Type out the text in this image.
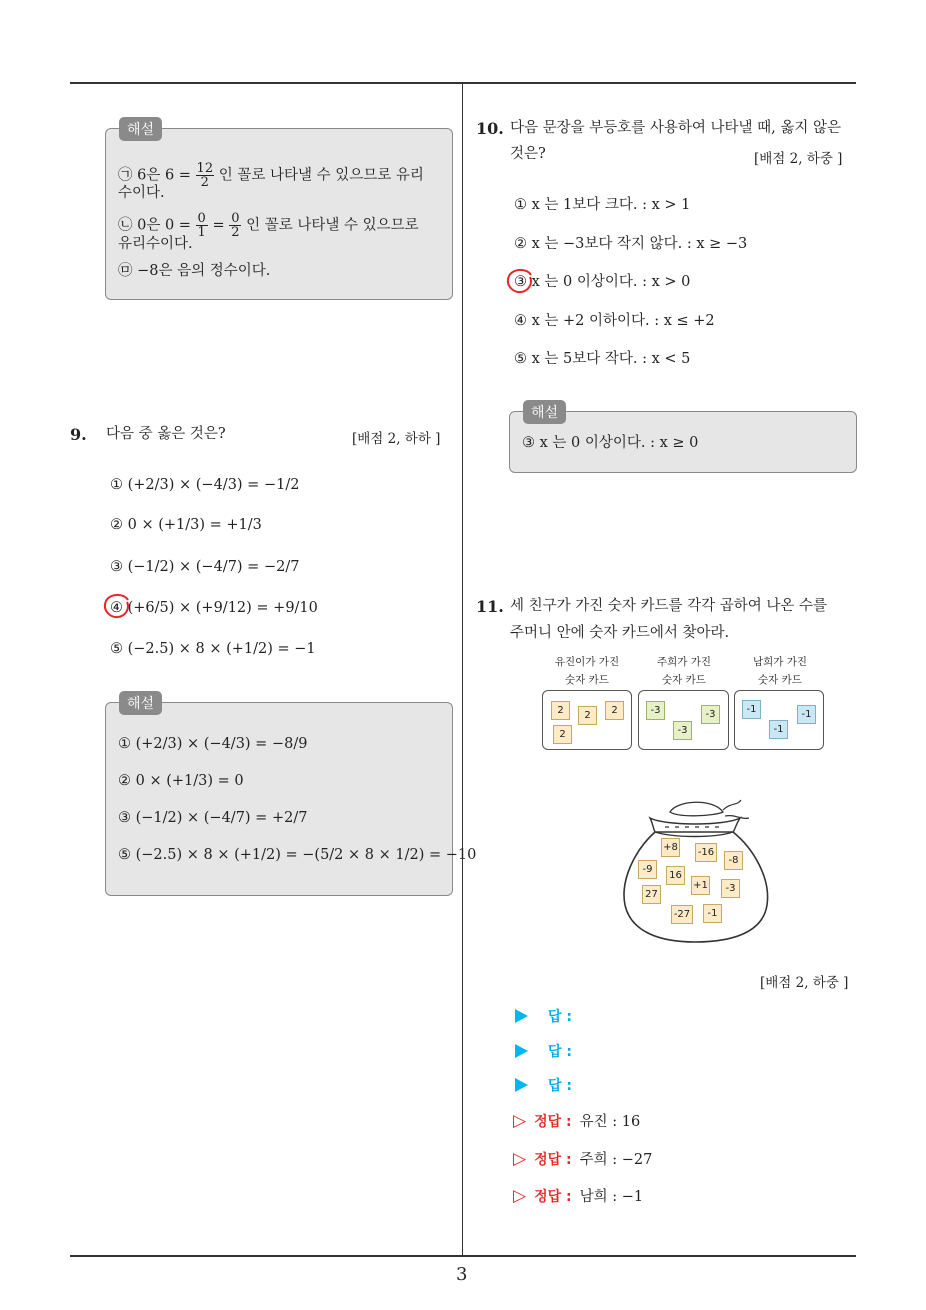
3
해설
㉠ 6은 $6 = \frac{12}{2}$ 인 꼴로 나타낼 수 있으므로 유리
수이다.
㉡ 0은 $0 = \frac{0}{1} = \frac{0}{2}$ 인 꼴로 나타낼 수 있으므로
유리수이다.
㉤ −8은 음의 정수이다.
9. 다음 중 옳은 것은?	[배점 2, 하하 ]
① (+2/3) × (−4/3) = −1/2
② 0 × (+1/3) = +1/3
③ (−1/2) × (−4/7) = −2/7
④ (+6/5) × (+9/12) = +9/10
⑤ (−2.5) × 8 × (+1/2) = −1
해설
① (+2/3) × (−4/3) = −8/9
② 0 × (+1/3) = 0
③ (−1/2) × (−4/7) = +2/7
⑤ (−2.5) × 8 × (+1/2) = −(5/2 × 8 × 1/2) = −10
10. 다음 문장을 부등호를 사용하여 나타낼 때, 옳지 않은
것은?	[배점 2, 하중 ]
① x 는 1보다 크다. : x > 1
② x 는 −3보다 작지 않다. : x ≥ −3
③ x 는 0 이상이다. : x > 0
④ x 는 +2 이하이다. : x ≤ +2
⑤ x 는 5보다 작다. : x < 5
해설
③ x 는 0 이상이다. : x ≥ 0
11. 세 친구가 가진 숫자 카드를 각각 곱하여 나온 수를
주머니 안에 숫자 카드에서 찾아라.
유진이가 가진
숫자 카드
주희가 가진
숫자 카드
남희가 가진
숫자 카드
2	2	2
2
-3	-3
-3
-1	-1
-1
+8 -16
-8
-9
16
+1	-3
27
-27	-1
[배점 2, 하중 ]
답 :
답 :
답 :
▷ 정답 : 유진 : 16
▷ 정답 : 주희 : −27
▷ 정답 : 남희 : −1
